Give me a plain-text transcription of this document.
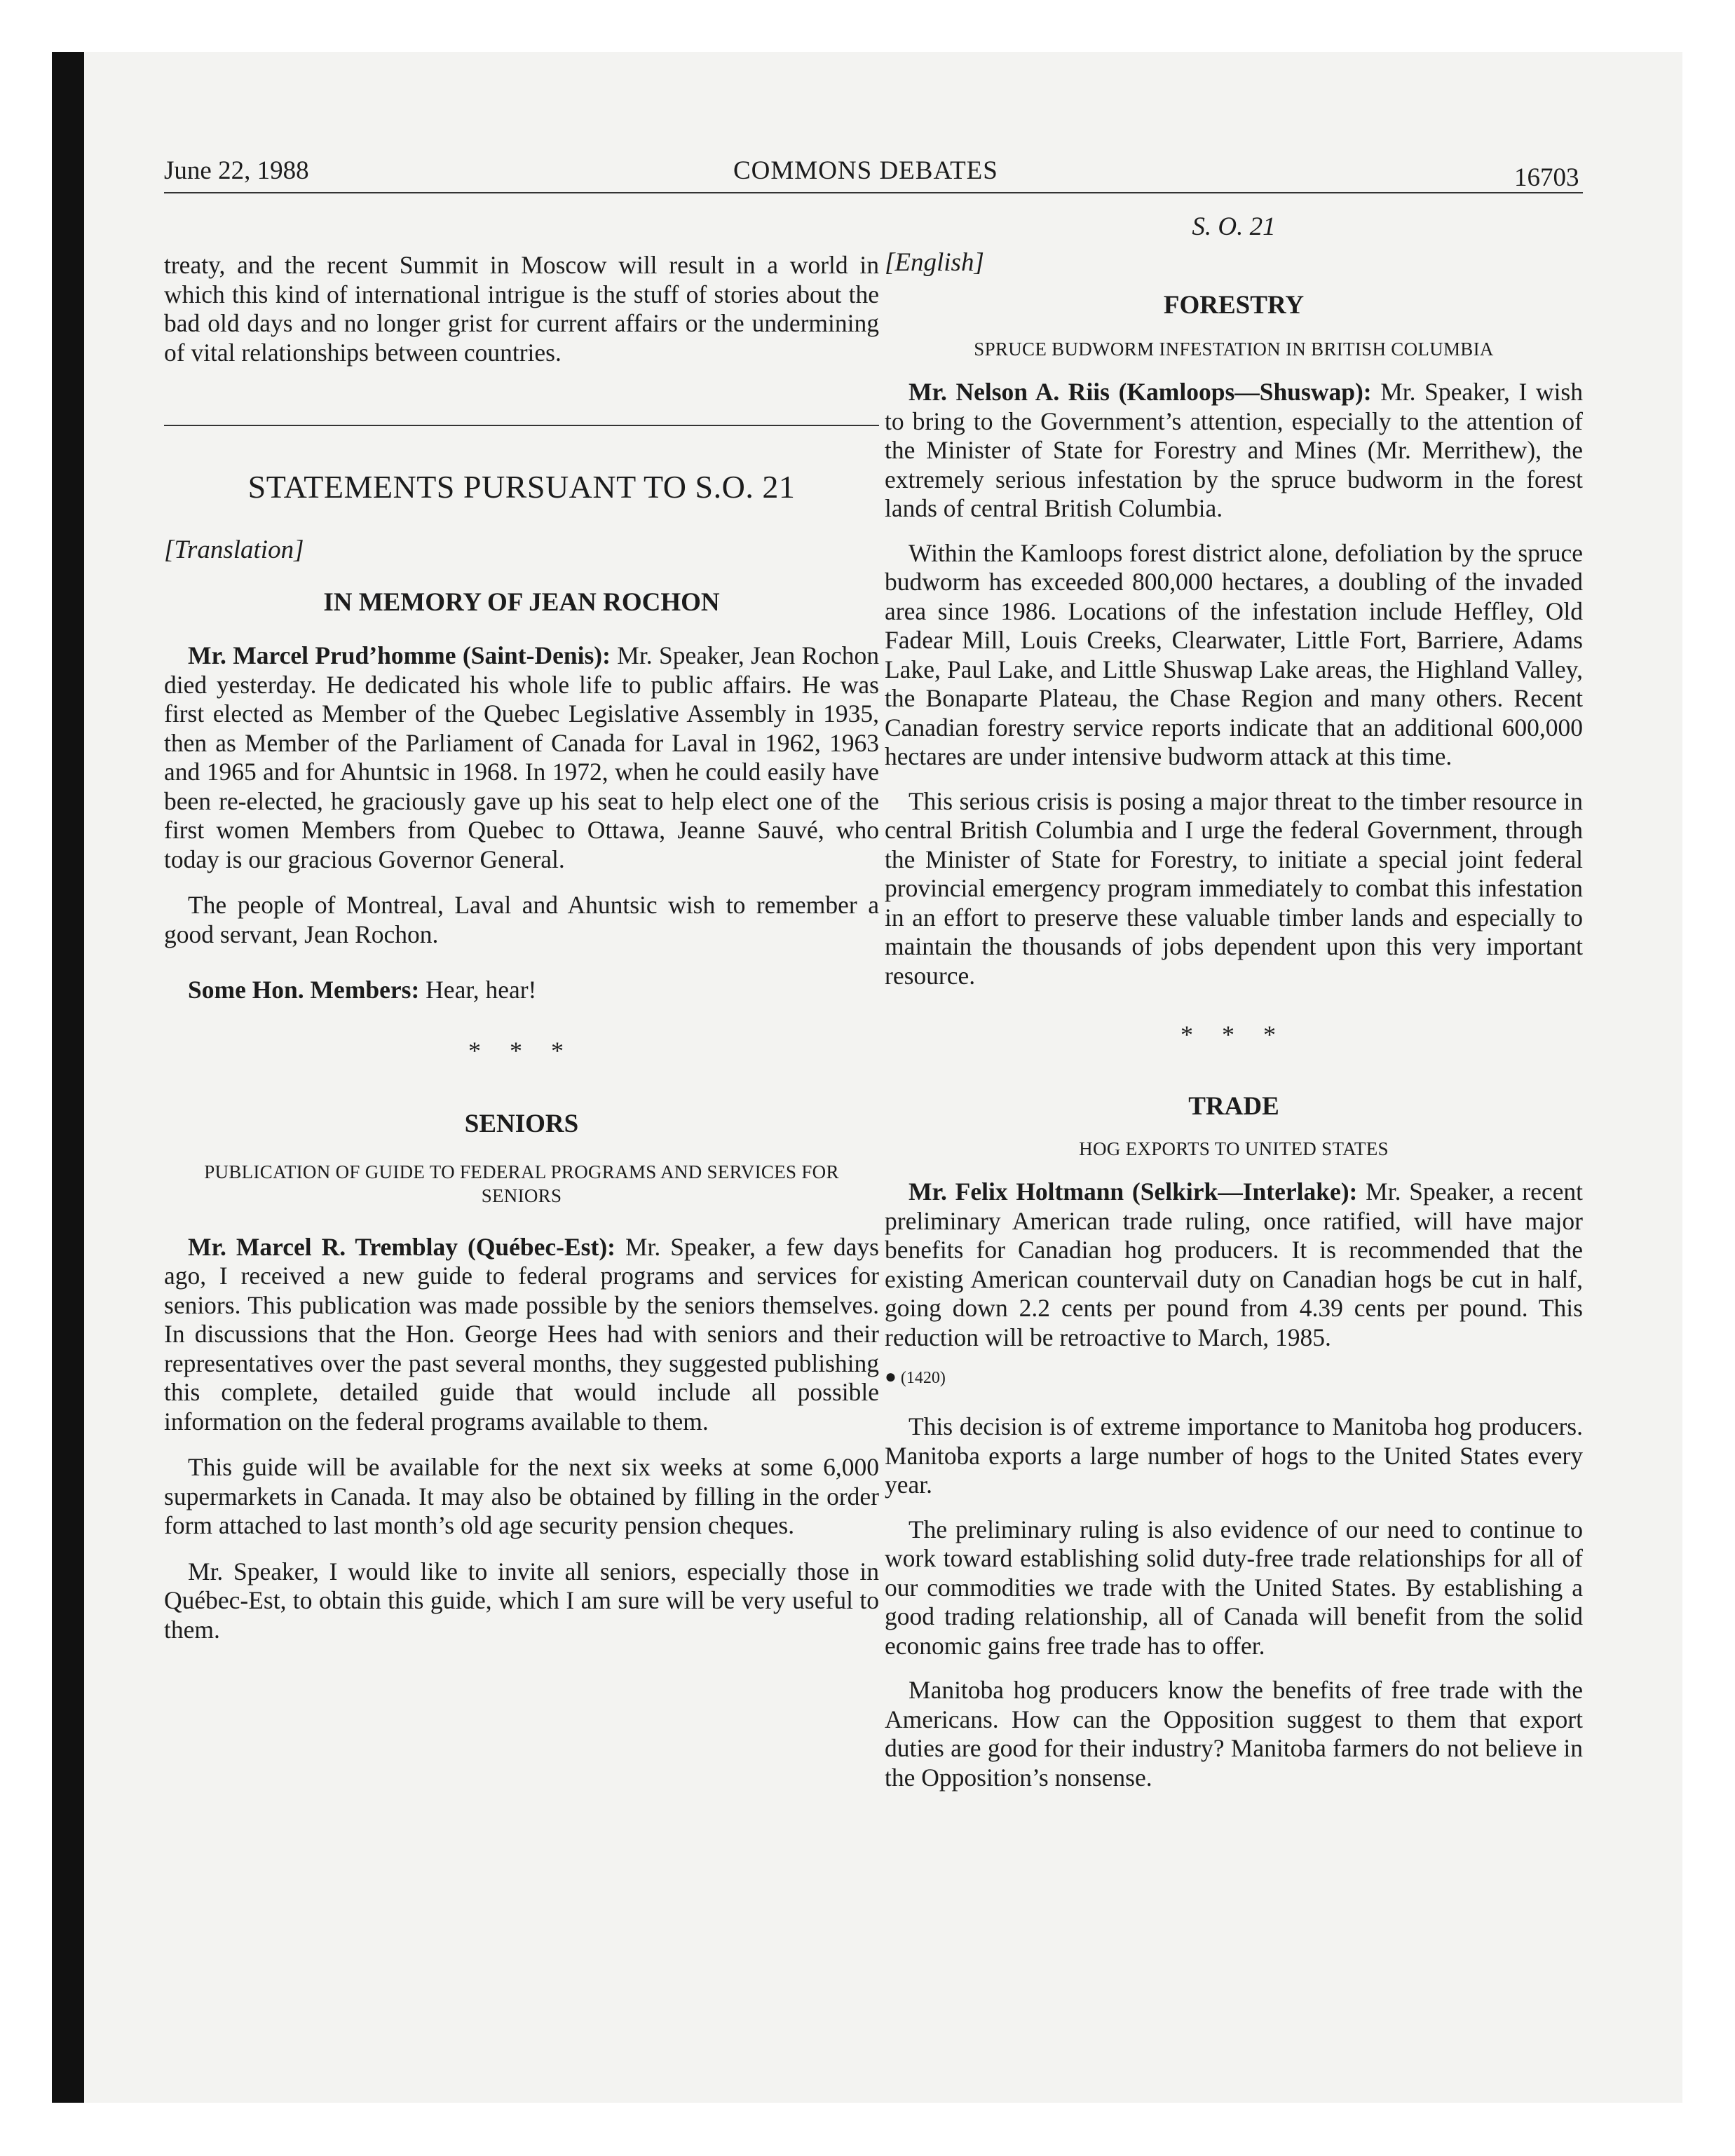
June 22, 1988	COMMONS DEBATES	16703

treaty, and the recent Summit in Moscow will result in a world in which this kind of international intrigue is the stuff of stories about the bad old days and no longer grist for current affairs or the undermining of vital relationships between countries.

STATEMENTS PURSUANT TO S.O. 21

[Translation]

IN MEMORY OF JEAN ROCHON

Mr. Marcel Prud’homme (Saint-Denis): Mr. Speaker, Jean Rochon died yesterday. He dedicated his whole life to public affairs. He was first elected as Member of the Quebec Legislative Assembly in 1935, then as Member of the Parliament of Canada for Laval in 1962, 1963 and 1965 and for Ahuntsic in 1968. In 1972, when he could easily have been re-elected, he graciously gave up his seat to help elect one of the first women Members from Quebec to Ottawa, Jeanne Sauvé, who today is our gracious Governor General.

The people of Montreal, Laval and Ahuntsic wish to remember a good servant, Jean Rochon.

Some Hon. Members: Hear, hear!

* * *

SENIORS

PUBLICATION OF GUIDE TO FEDERAL PROGRAMS AND SERVICES FOR SENIORS

Mr. Marcel R. Tremblay (Québec-Est): Mr. Speaker, a few days ago, I received a new guide to federal programs and services for seniors. This publication was made possible by the seniors themselves. In discussions that the Hon. George Hees had with seniors and their representatives over the past several months, they suggested publishing this complete, detailed guide that would include all possible information on the federal programs available to them.

This guide will be available for the next six weeks at some 6,000 supermarkets in Canada. It may also be obtained by filling in the order form attached to last month’s old age security pension cheques.

Mr. Speaker, I would like to invite all seniors, especially those in Québec-Est, to obtain this guide, which I am sure will be very useful to them.

S. O. 21

[English]

FORESTRY

SPRUCE BUDWORM INFESTATION IN BRITISH COLUMBIA

Mr. Nelson A. Riis (Kamloops—Shuswap): Mr. Speaker, I wish to bring to the Government’s attention, especially to the attention of the Minister of State for Forestry and Mines (Mr. Merrithew), the extremely serious infestation by the spruce budworm in the forest lands of central British Columbia.

Within the Kamloops forest district alone, defoliation by the spruce budworm has exceeded 800,000 hectares, a doubling of the invaded area since 1986. Locations of the infestation include Heffley, Old Fadear Mill, Louis Creeks, Clearwater, Little Fort, Barriere, Adams Lake, Paul Lake, and Little Shuswap Lake areas, the Highland Valley, the Bonaparte Plateau, the Chase Region and many others. Recent Canadian forestry service reports indicate that an additional 600,000 hectares are under intensive budworm attack at this time.

This serious crisis is posing a major threat to the timber resource in central British Columbia and I urge the federal Government, through the Minister of State for Forestry, to initiate a special joint federal provincial emergency program immediately to combat this infestation in an effort to preserve these valuable timber lands and especially to maintain the thousands of jobs dependent upon this very important resource.

* * *

TRADE

HOG EXPORTS TO UNITED STATES

Mr. Felix Holtmann (Selkirk—Interlake): Mr. Speaker, a recent preliminary American trade ruling, once ratified, will have major benefits for Canadian hog producers. It is recommended that the existing American countervail duty on Canadian hogs be cut in half, going down 2.2 cents per pound from 4.39 cents per pound. This reduction will be retroactive to March, 1985.

● (1420)

This decision is of extreme importance to Manitoba hog producers. Manitoba exports a large number of hogs to the United States every year.

The preliminary ruling is also evidence of our need to continue to work toward establishing solid duty-free trade relationships for all of our commodities we trade with the United States. By establishing a good trading relationship, all of Canada will benefit from the solid economic gains free trade has to offer.

Manitoba hog producers know the benefits of free trade with the Americans. How can the Opposition suggest to them that export duties are good for their industry? Manitoba farmers do not believe in the Opposition’s nonsense.
